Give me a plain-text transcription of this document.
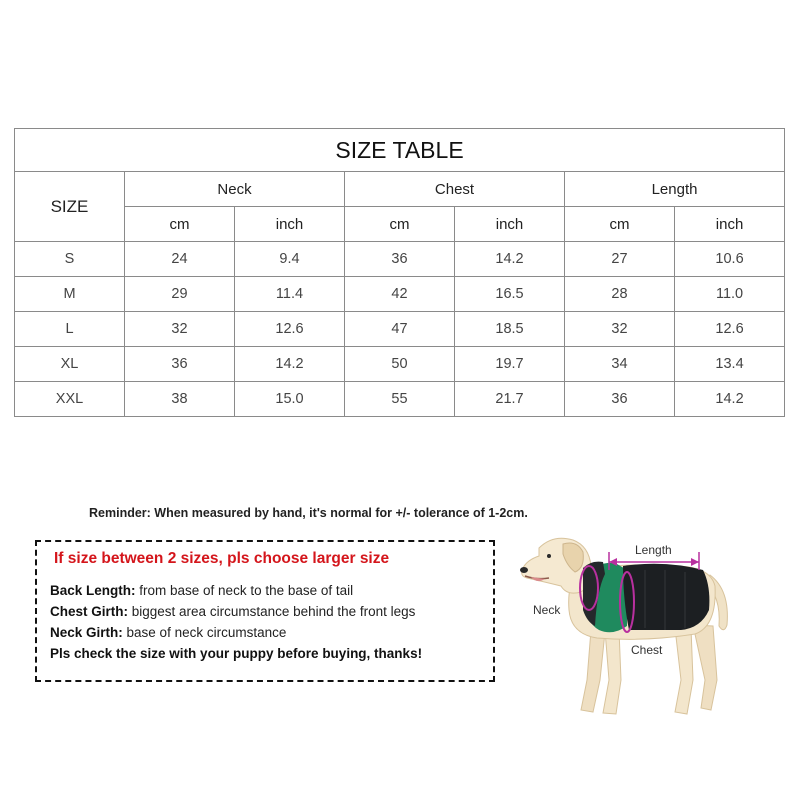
SIZE TABLE						
SIZE	Neck		Chest		Length	
	cm	inch	cm	inch	cm	inch
S	24	9.4	36	14.2	27	10.6
M	29	11.4	42	16.5	28	11.0
L	32	12.6	47	18.5	32	12.6
XL	36	14.2	50	19.7	34	13.4
XXL	38	15.0	55	21.7	36	14.2
Reminder: When measured by hand, it's normal for +/- tolerance of 1-2cm.
If size between 2 sizes, pls choose larger size
Back Length: from base of neck to the base of tail
Chest Girth: biggest area circumstance behind the front legs
Neck Girth: base of neck circumstance
Pls check the size with your puppy before buying, thanks!
Length
Neck
Chest
